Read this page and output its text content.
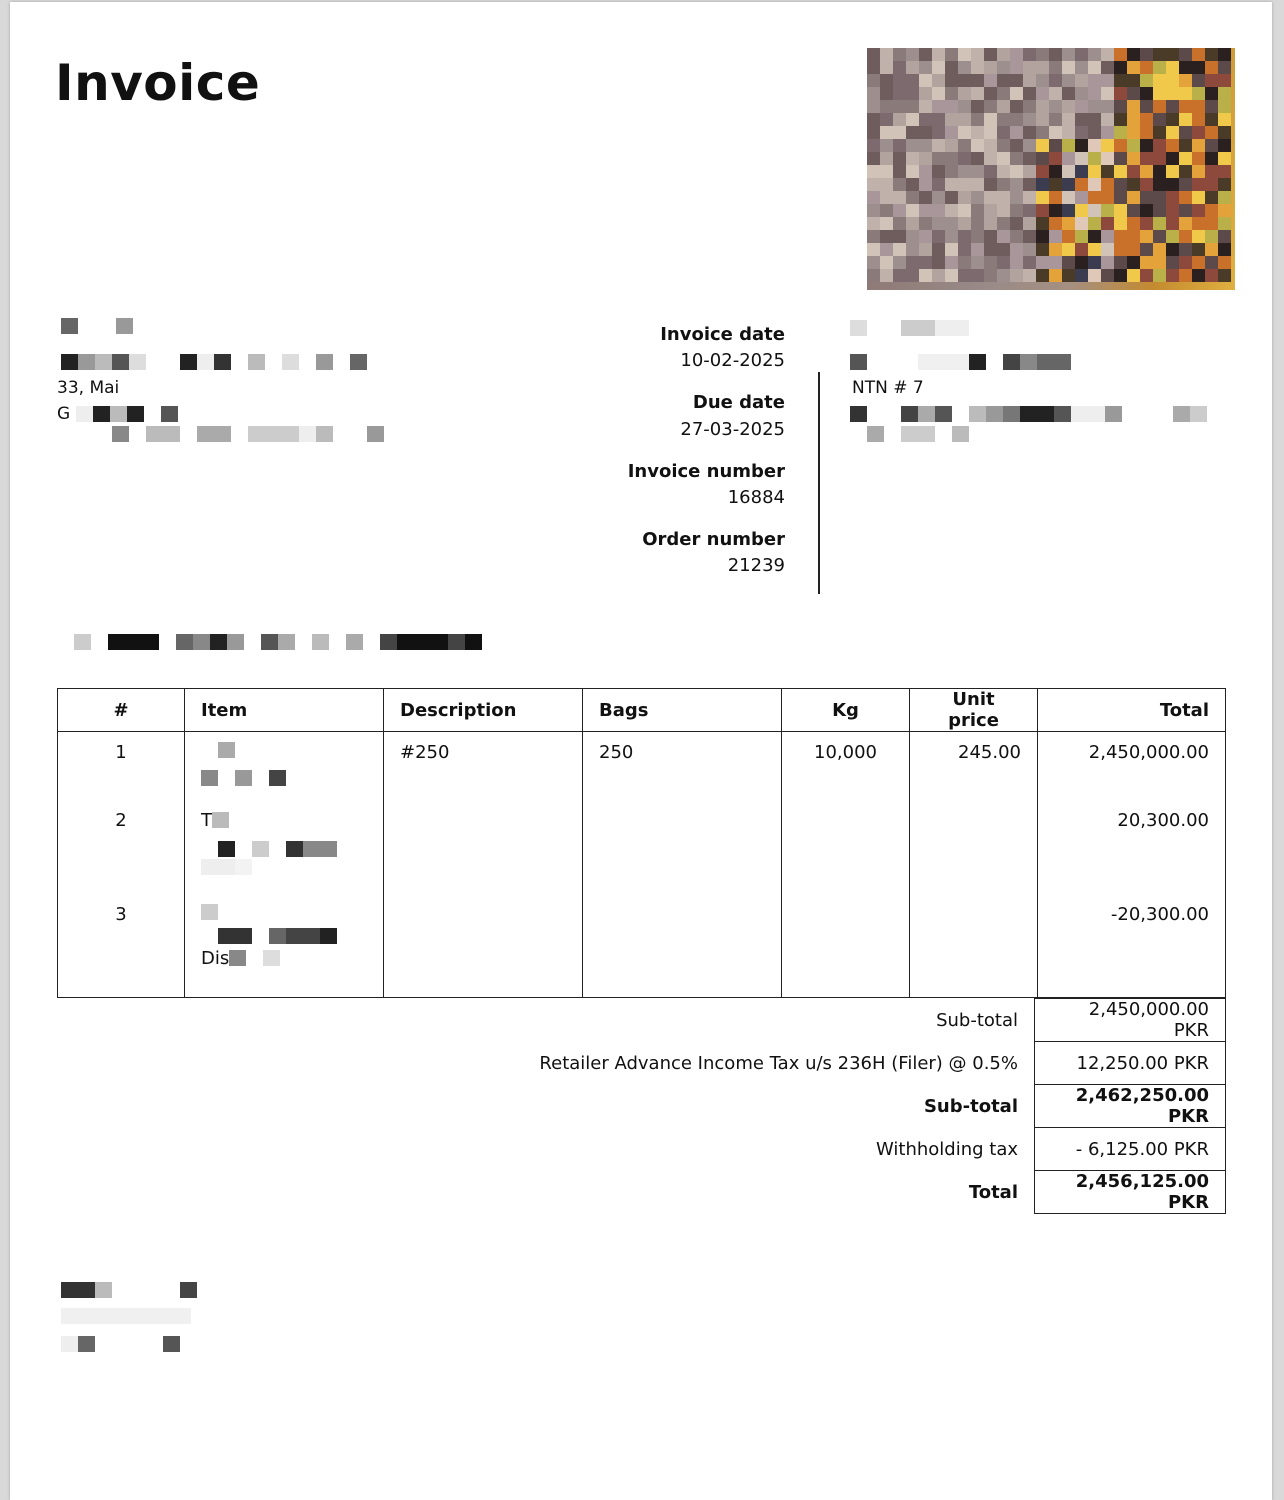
Invoice
33, Mai
G
Invoice date
10-02-2025
Due date
27-03-2025
Invoice number
16884
Order number
21239
NTN # 7
#	Item	Description	Bags	Kg	Unit price	Total
1		#250	250	10,000	245.00	2,450,000.00
2	T					20,300.00
3	Dis					-20,300.00
Sub-total	2,450,000.00 PKR
Retailer Advance Income Tax u/s 236H (Filer) @ 0.5%	12,250.00 PKR
Sub-total	2,462,250.00 PKR
Withholding tax	- 6,125.00 PKR
Total	2,456,125.00 PKR
